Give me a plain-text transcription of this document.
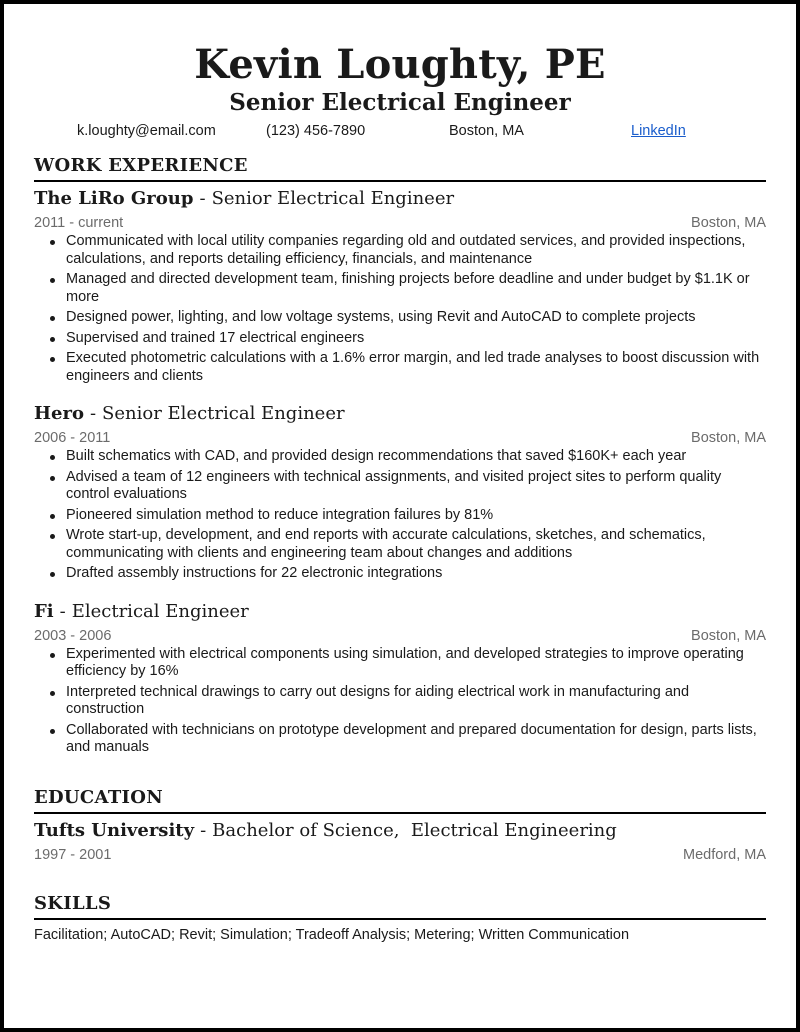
Kevin Loughty, PE
Senior Electrical Engineer
k.loughty@email.com	(123) 456-7890	Boston, MA	LinkedIn
WORK EXPERIENCE
The LiRo Group - Senior Electrical Engineer
2011 - current	Boston, MA
Communicated with local utility companies regarding old and outdated services, and provided inspections, calculations, and reports detailing efficiency, financials, and maintenance
Managed and directed development team, finishing projects before deadline and under budget by $1.1K or more
Designed power, lighting, and low voltage systems, using Revit and AutoCAD to complete projects
Supervised and trained 17 electrical engineers
Executed photometric calculations with a 1.6% error margin, and led trade analyses to boost discussion with engineers and clients
Hero - Senior Electrical Engineer
2006 - 2011	Boston, MA
Built schematics with CAD, and provided design recommendations that saved $160K+ each year
Advised a team of 12 engineers with technical assignments, and visited project sites to perform quality control evaluations
Pioneered simulation method to reduce integration failures by 81%
Wrote start-up, development, and end reports with accurate calculations, sketches, and schematics, communicating with clients and engineering team about changes and additions
Drafted assembly instructions for 22 electronic integrations
Fi - Electrical Engineer
2003 - 2006	Boston, MA
Experimented with electrical components using simulation, and developed strategies to improve operating efficiency by 16%
Interpreted technical drawings to carry out designs for aiding electrical work in manufacturing and construction
Collaborated with technicians on prototype development and prepared documentation for design, parts lists, and manuals
EDUCATION
Tufts University - Bachelor of Science,  Electrical Engineering
1997 - 2001	Medford, MA
SKILLS
Facilitation; AutoCAD; Revit; Simulation; Tradeoff Analysis; Metering; Written Communication
